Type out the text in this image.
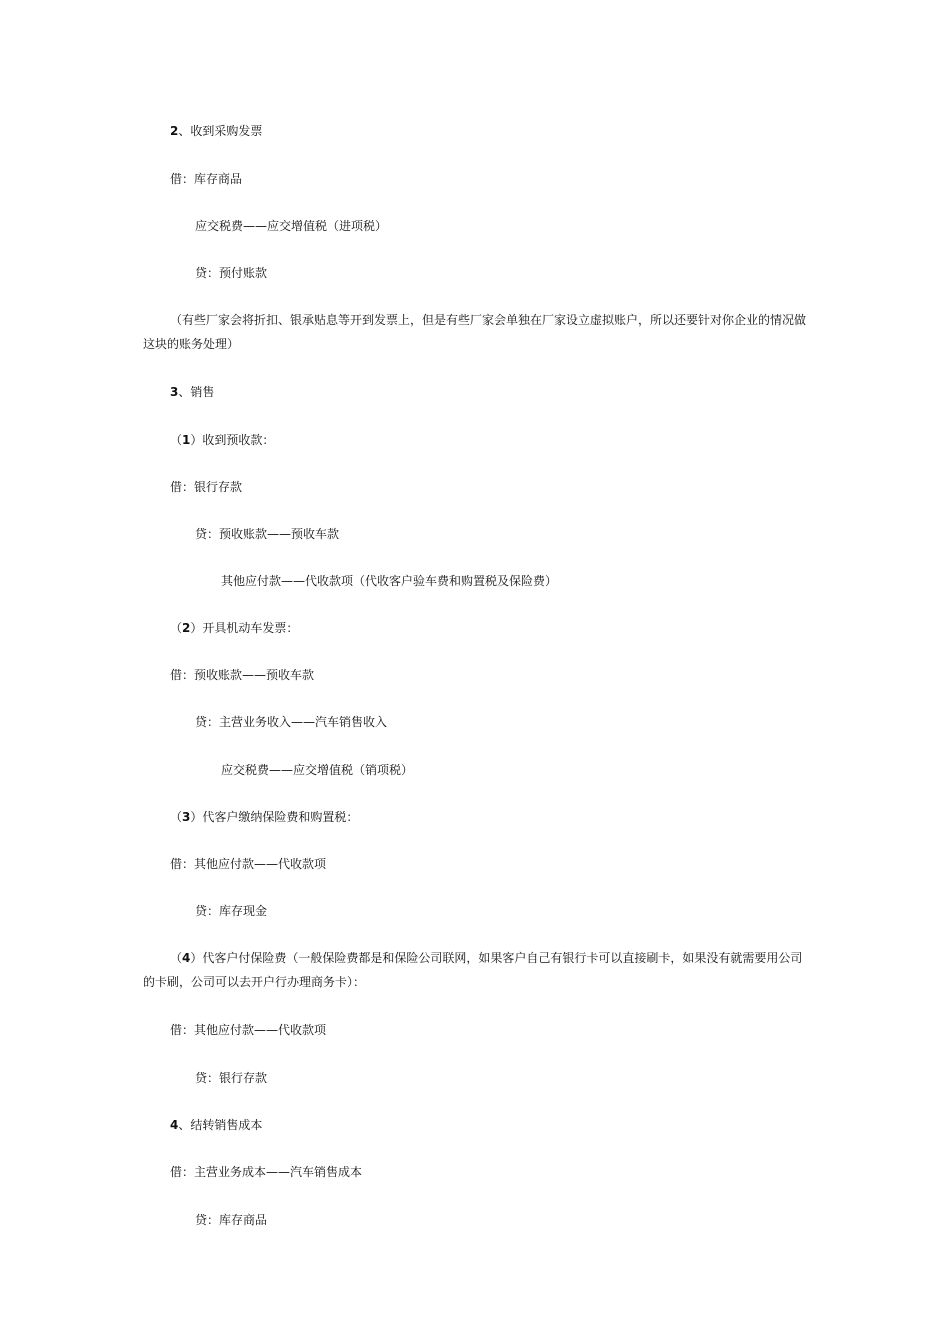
2、收到采购发票

借：库存商品

应交税费——应交增值税（进项税）

贷：预付账款

（有些厂家会将折扣、银承贴息等开到发票上，但是有些厂家会单独在厂家设立虚拟账户，所以还要针对你企业的情况做这块的账务处理）

3、销售

（1）收到预收款：

借：银行存款

贷：预收账款——预收车款

其他应付款——代收款项（代收客户验车费和购置税及保险费）

（2）开具机动车发票：

借：预收账款——预收车款

贷：主营业务收入——汽车销售收入

应交税费——应交增值税（销项税）

（3）代客户缴纳保险费和购置税：

借：其他应付款——代收款项

贷：库存现金

（4）代客户付保险费（一般保险费都是和保险公司联网，如果客户自己有银行卡可以直接刷卡，如果没有就需要用公司的卡刷，公司可以去开户行办理商务卡）：

借：其他应付款——代收款项

贷：银行存款

4、结转销售成本

借：主营业务成本——汽车销售成本

贷：库存商品
